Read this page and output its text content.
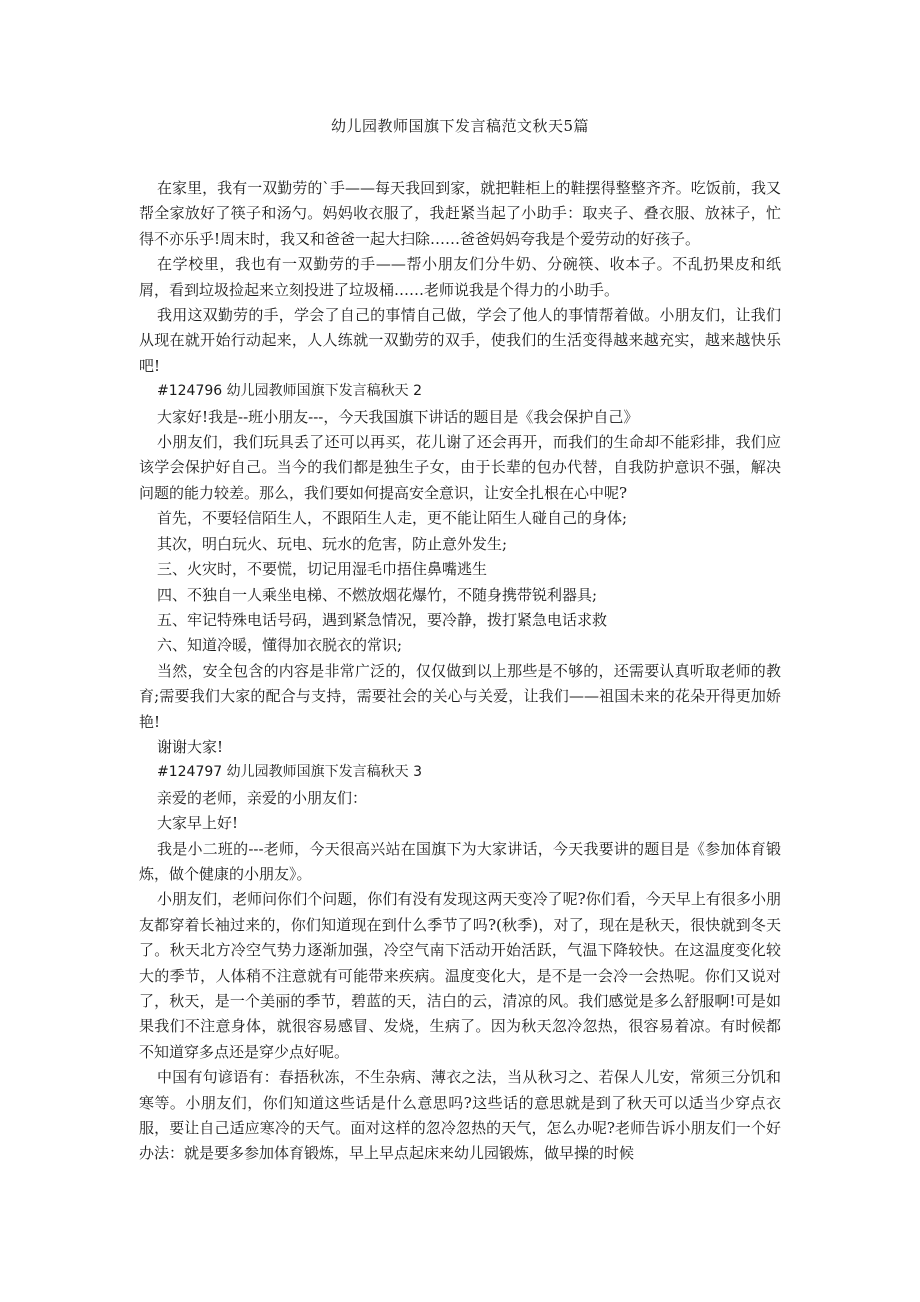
幼儿园教师国旗下发言稿范文秋天5篇

在家里，我有一双勤劳的`手——每天我回到家，就把鞋柜上的鞋摆得整整齐齐。吃饭前，我又帮全家放好了筷子和汤勺。妈妈收衣服了，我赶紧当起了小助手：取夹子、叠衣服、放袜子，忙得不亦乐乎!周末时，我又和爸爸一起大扫除……爸爸妈妈夸我是个爱劳动的好孩子。

在学校里，我也有一双勤劳的手——帮小朋友们分牛奶、分碗筷、收本子。不乱扔果皮和纸屑，看到垃圾捡起来立刻投进了垃圾桶……老师说我是个得力的小助手。

我用这双勤劳的手，学会了自己的事情自己做，学会了他人的事情帮着做。小朋友们，让我们从现在就开始行动起来，人人练就一双勤劳的双手，使我们的生活变得越来越充实，越来越快乐吧!

#124796 幼儿园教师国旗下发言稿秋天 2

大家好!我是--班小朋友---，今天我国旗下讲话的题目是《我会保护自己》

小朋友们，我们玩具丢了还可以再买，花儿谢了还会再开，而我们的生命却不能彩排，我们应该学会保护好自己。当今的我们都是独生子女，由于长辈的包办代替，自我防护意识不强，解决问题的能力较差。那么，我们要如何提高安全意识，让安全扎根在心中呢?

首先，不要轻信陌生人，不跟陌生人走，更不能让陌生人碰自己的身体;

其次，明白玩火、玩电、玩水的危害，防止意外发生;

三、火灾时，不要慌，切记用湿毛巾捂住鼻嘴逃生

四、不独自一人乘坐电梯、不燃放烟花爆竹，不随身携带锐利器具;

五、牢记特殊电话号码，遇到紧急情况，要冷静，拨打紧急电话求救

六、知道冷暖，懂得加衣脱衣的常识;

当然，安全包含的内容是非常广泛的，仅仅做到以上那些是不够的，还需要认真听取老师的教育;需要我们大家的配合与支持，需要社会的关心与关爱，让我们——祖国未来的花朵开得更加娇艳!

谢谢大家!

#124797 幼儿园教师国旗下发言稿秋天 3

亲爱的老师，亲爱的小朋友们：

大家早上好!

我是小二班的---老师，今天很高兴站在国旗下为大家讲话，今天我要讲的题目是《参加体育锻炼，做个健康的小朋友》。

小朋友们，老师问你们个问题，你们有没有发现这两天变冷了呢?你们看，今天早上有很多小朋友都穿着长袖过来的，你们知道现在到什么季节了吗?(秋季)，对了，现在是秋天，很快就到冬天了。秋天北方冷空气势力逐渐加强，冷空气南下活动开始活跃，气温下降较快。在这温度变化较大的季节，人体稍不注意就有可能带来疾病。温度变化大，是不是一会冷一会热呢。你们又说对了，秋天，是一个美丽的季节，碧蓝的天，洁白的云，清凉的风。我们感觉是多么舒服啊!可是如果我们不注意身体，就很容易感冒、发烧，生病了。因为秋天忽冷忽热，很容易着凉。有时候都不知道穿多点还是穿少点好呢。

中国有句谚语有：春捂秋冻，不生杂病、薄衣之法，当从秋习之、若保人儿安，常须三分饥和寒等。小朋友们，你们知道这些话是什么意思吗?这些话的意思就是到了秋天可以适当少穿点衣服，要让自己适应寒冷的天气。面对这样的忽冷忽热的天气，怎么办呢?老师告诉小朋友们一个好办法：就是要多参加体育锻炼，早上早点起床来幼儿园锻炼，做早操的时候
